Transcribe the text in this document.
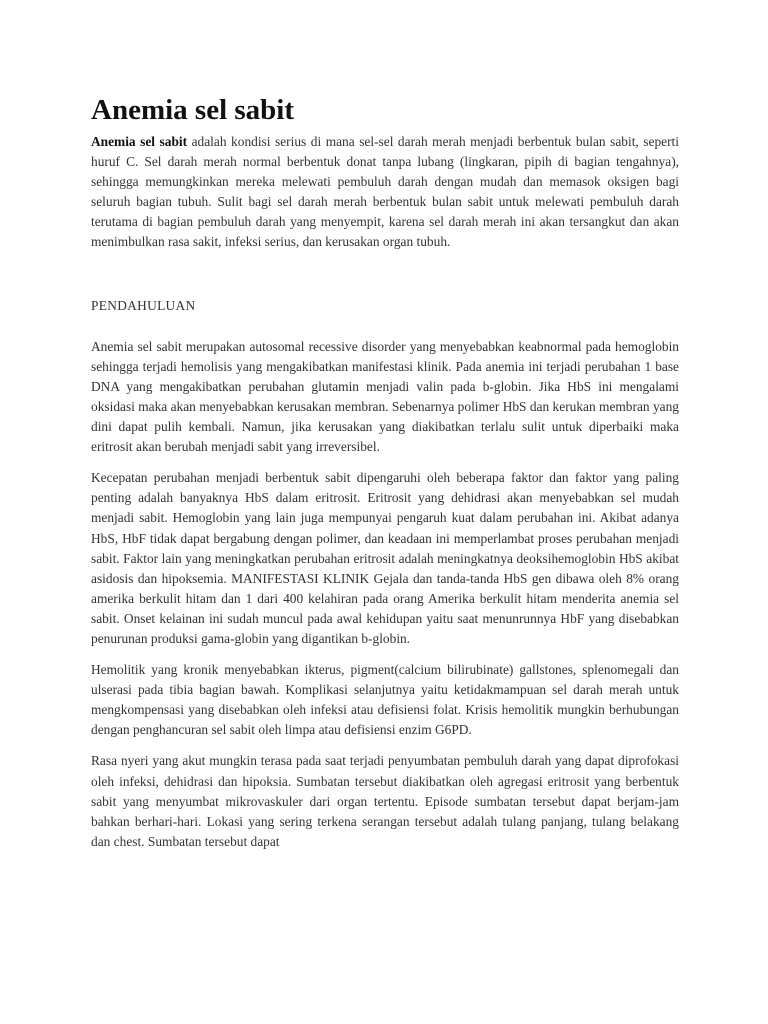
Anemia sel sabit

Anemia sel sabit adalah kondisi serius di mana sel-sel darah merah menjadi berbentuk bulan sabit, seperti huruf C. Sel darah merah normal berbentuk donat tanpa lubang (lingkaran, pipih di bagian tengahnya), sehingga memungkinkan mereka melewati pembuluh darah dengan mudah dan memasok oksigen bagi seluruh bagian tubuh. Sulit bagi sel darah merah berbentuk bulan sabit untuk melewati pembuluh darah terutama di bagian pembuluh darah yang menyempit, karena sel darah merah ini akan tersangkut dan akan menimbulkan rasa sakit, infeksi serius, dan kerusakan organ tubuh.

PENDAHULUAN

Anemia sel sabit merupakan autosomal recessive disorder yang menyebabkan keabnormal pada hemoglobin sehingga terjadi hemolisis yang mengakibatkan manifestasi klinik. Pada anemia ini terjadi perubahan 1 base DNA yang mengakibatkan perubahan glutamin menjadi valin pada b-globin. Jika HbS ini mengalami oksidasi maka akan menyebabkan kerusakan membran. Sebenarnya polimer HbS dan kerukan membran yang dini dapat pulih kembali. Namun, jika kerusakan yang diakibatkan terlalu sulit untuk diperbaiki maka eritrosit akan berubah menjadi sabit yang irreversibel.

Kecepatan perubahan menjadi berbentuk sabit dipengaruhi oleh beberapa faktor dan faktor yang paling penting adalah banyaknya HbS dalam eritrosit. Eritrosit yang dehidrasi akan menyebabkan sel mudah menjadi sabit. Hemoglobin yang lain juga mempunyai pengaruh kuat dalam perubahan ini. Akibat adanya HbS, HbF tidak dapat bergabung dengan polimer, dan keadaan ini memperlambat proses perubahan menjadi sabit. Faktor lain yang meningkatkan perubahan eritrosit adalah meningkatnya deoksihemoglobin HbS akibat asidosis dan hipoksemia. MANIFESTASI KLINIK Gejala dan tanda-tanda HbS gen dibawa oleh 8% orang amerika berkulit hitam dan 1 dari 400 kelahiran pada orang Amerika berkulit hitam menderita anemia sel sabit. Onset kelainan ini sudah muncul pada awal kehidupan yaitu saat menunrunnya HbF yang disebabkan penurunan produksi gama-globin yang digantikan b-globin.

Hemolitik yang kronik menyebabkan ikterus, pigment(calcium bilirubinate) gallstones, splenomegali dan ulserasi pada tibia bagian bawah. Komplikasi selanjutnya yaitu ketidakmampuan sel darah merah untuk mengkompensasi yang disebabkan oleh infeksi atau defisiensi folat. Krisis hemolitik mungkin berhubungan dengan penghancuran sel sabit oleh limpa atau defisiensi enzim G6PD.

Rasa nyeri yang akut mungkin terasa pada saat terjadi penyumbatan pembuluh darah yang dapat diprofokasi oleh infeksi, dehidrasi dan hipoksia. Sumbatan tersebut diakibatkan oleh agregasi eritrosit yang berbentuk sabit yang menyumbat mikrovaskuler dari organ tertentu. Episode sumbatan tersebut dapat berjam-jam bahkan berhari-hari. Lokasi yang sering terkena serangan tersebut adalah tulang panjang, tulang belakang dan chest. Sumbatan tersebut dapat
